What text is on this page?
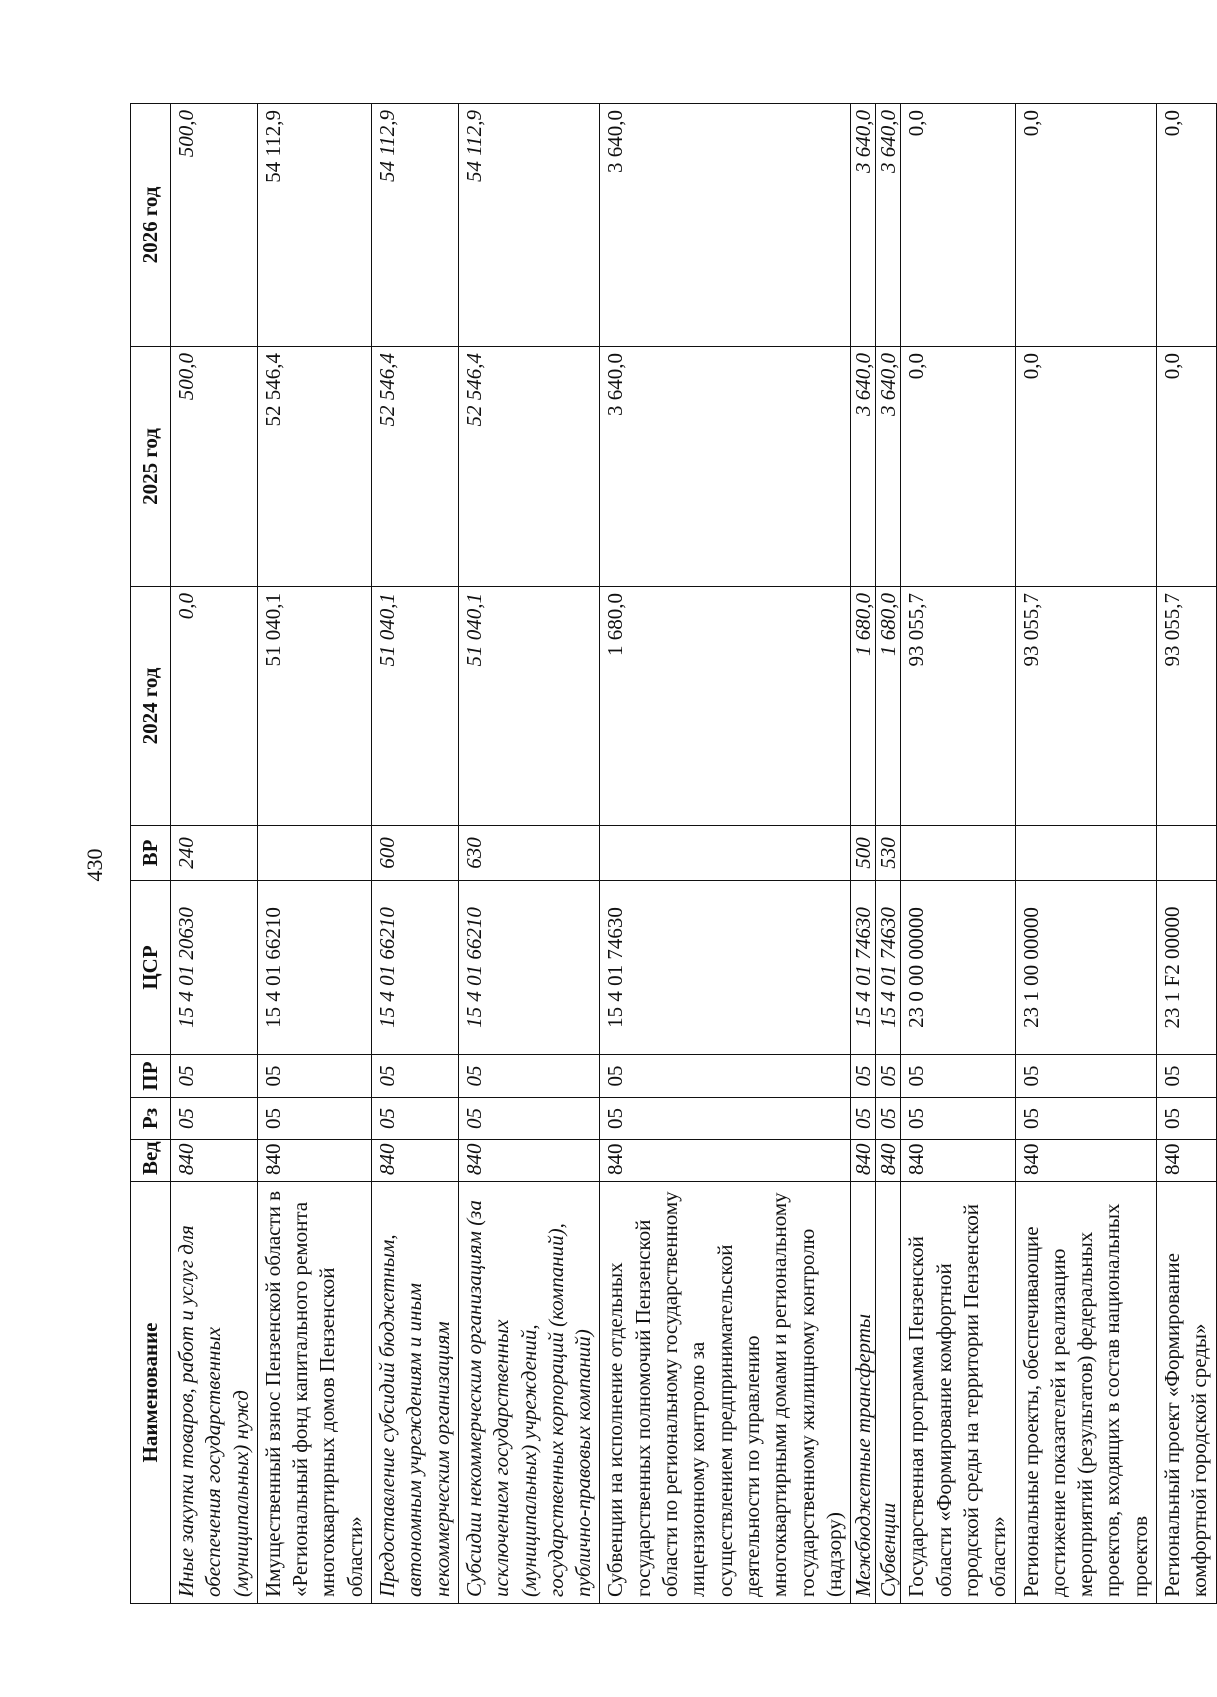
430
Наименование	Вед	Рз	ПР	ЦСР	ВР	2024 год	2025 год	2026 год
Иные закупки товаров, работ и услуг для обеспечения государственных (муниципальных) нужд	840	05	05	15 4 01 20630	240	0,0	500,0	500,0
Имущественный взнос Пензенской области в «Региональный фонд капитального ремонта многоквартирных домов Пензенской области»	840	05	05	15 4 01 66210		51 040,1	52 546,4	54 112,9
Предоставление субсидий бюджетным, автономным учреждениям и иным некоммерческим организациям	840	05	05	15 4 01 66210	600	51 040,1	52 546,4	54 112,9
Субсидии некоммерческим организациям (за исключением государственных (муниципальных) учреждений, государственных корпораций (компаний), публично-правовых компаний)	840	05	05	15 4 01 66210	630	51 040,1	52 546,4	54 112,9
Субвенции на исполнение отдельных государственных полномочий Пензенской области по региональному государственному лицензионному контролю за осуществлением предпринимательской деятельности по управлению многоквартирными домами и региональному государственному жилищному контролю (надзору)	840	05	05	15 4 01 74630		1 680,0	3 640,0	3 640,0
Межбюджетные трансферты	840	05	05	15 4 01 74630	500	1 680,0	3 640,0	3 640,0
Субвенции	840	05	05	15 4 01 74630	530	1 680,0	3 640,0	3 640,0
Государственная программа Пензенской области «Формирование комфортной городской среды на территории Пензенской области»	840	05	05	23 0 00 00000		93 055,7	0,0	0,0
Региональные проекты, обеспечивающие достижение показателей и реализацию мероприятий (результатов) федеральных проектов, входящих в состав национальных проектов	840	05	05	23 1 00 00000		93 055,7	0,0	0,0
Региональный проект «Формирование комфортной городской среды»	840	05	05	23 1 F2 00000		93 055,7	0,0	0,0
